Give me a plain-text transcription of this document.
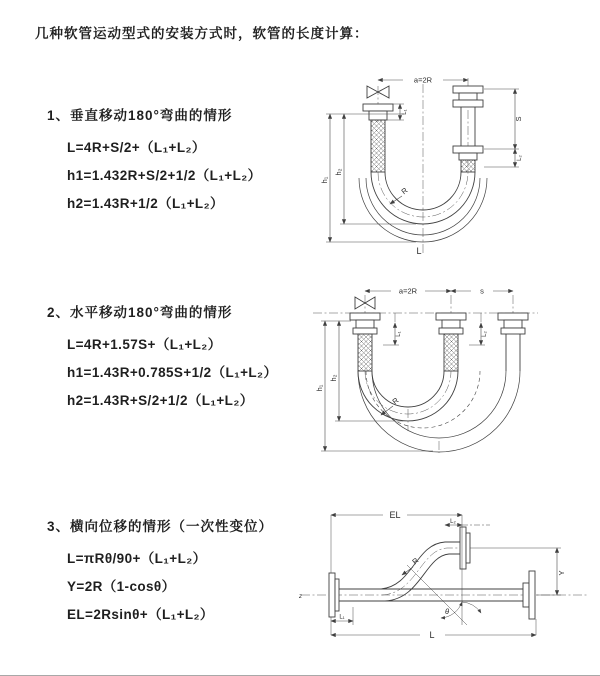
几种软管运动型式的安装方式时，软管的长度计算：
1、垂直移动180°弯曲的情形
L=4R+S/2+（L₁+L₂）
h1=1.432R+S/2+1/2（L₁+L₂）
h2=1.43R+1/2（L₁+L₂）
a=2R
S
L₂
h₁
h₂
L₁
R
L
2、水平移动180°弯曲的情形
L=4R+1.57S+（L₁+L₂）
h1=1.43R+0.785S+1/2（L₁+L₂）
h2=1.43R+S/2+1/2（L₁+L₂）
a=2R	s
h₁
h₂
L₁	L₂
R
3、横向位移的情形（一次性变位）
L=πRθ/90+（L₁+L₂）
Y=2R（1-cosθ）
EL=2Rsinθ+（L₁+L₂）
z
EL
L₂
Y
θ
R
L₁
L
